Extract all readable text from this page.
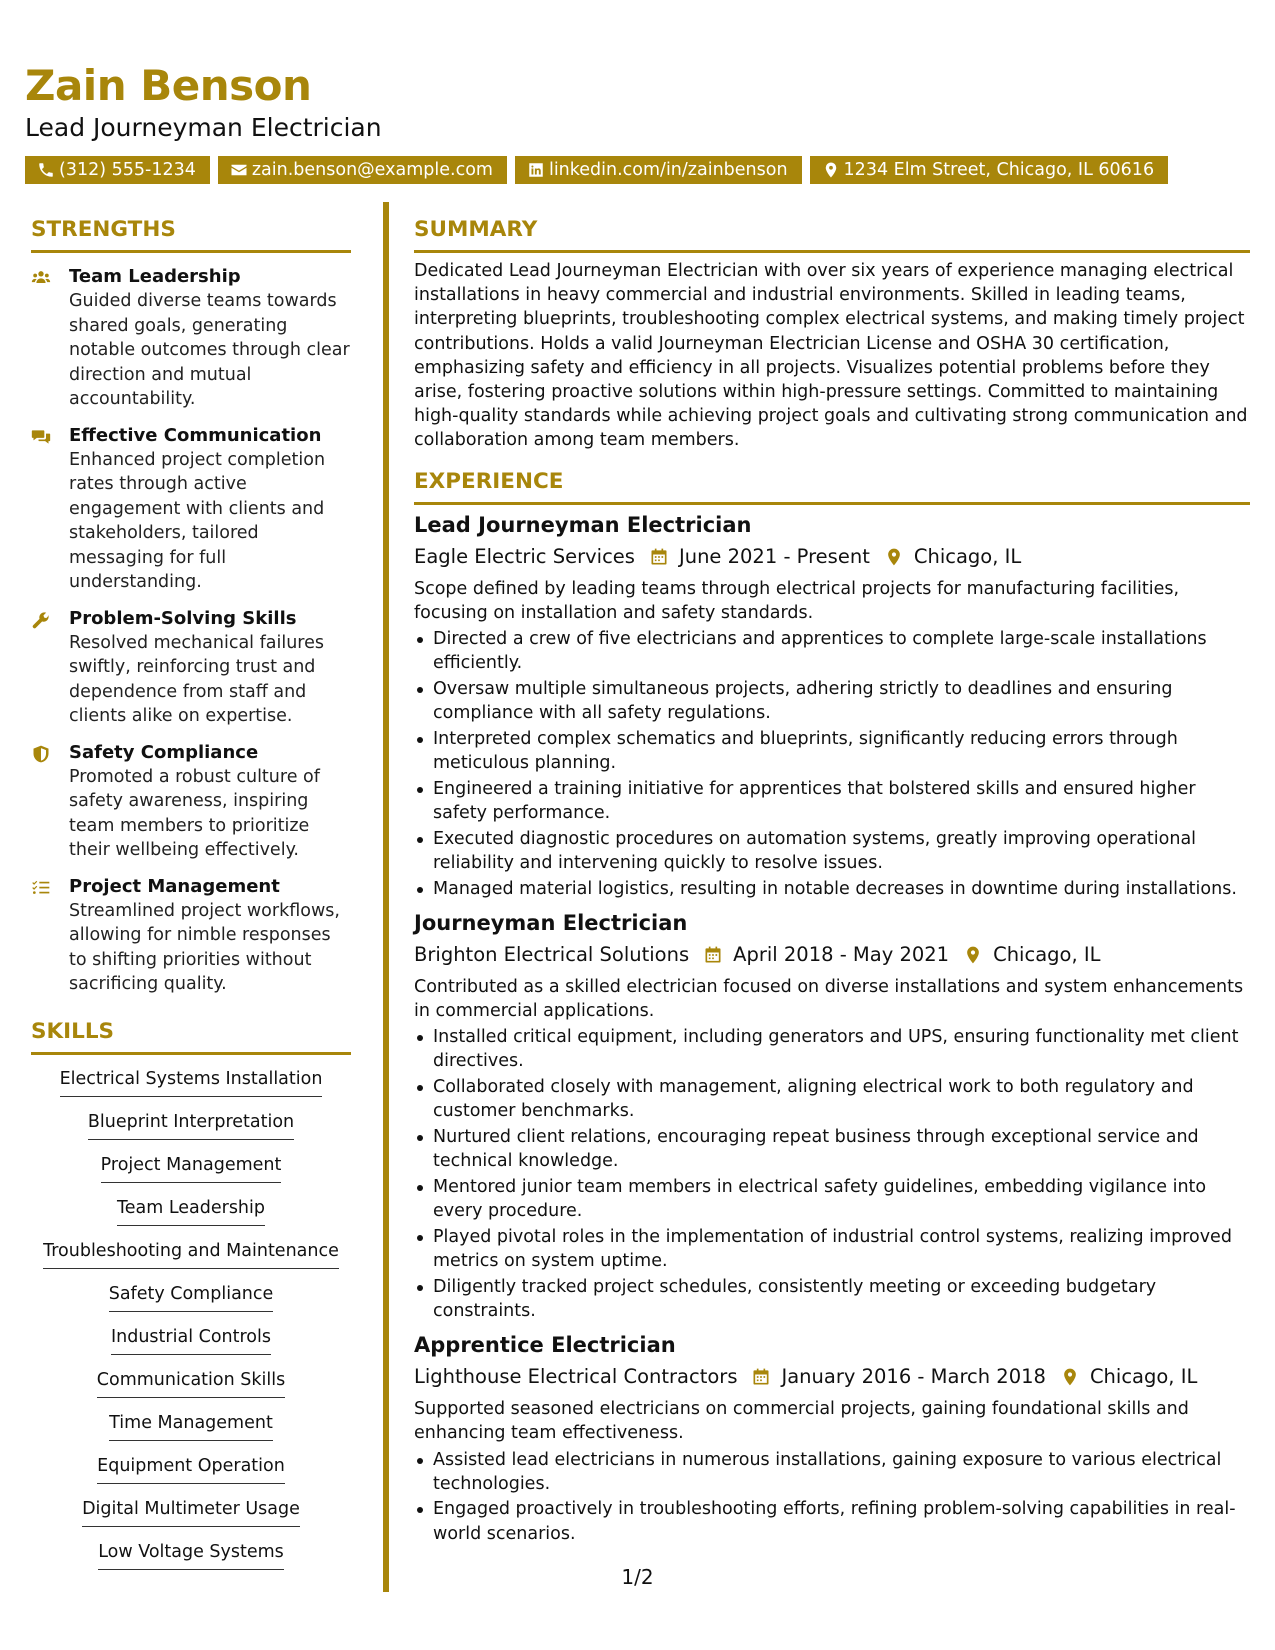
Zain Benson
Lead Journeyman Electrician
(312) 555-1234	zain.benson@example.com	linkedin.com/in/zainbenson	1234 Elm Street, Chicago, IL 60616
STRENGTHS
Team Leadership
Guided diverse teams towards shared goals, generating notable outcomes through clear direction and mutual accountability.
Effective Communication
Enhanced project completion rates through active engagement with clients and stakeholders, tailored messaging for full understanding.
Problem-Solving Skills
Resolved mechanical failures swiftly, reinforcing trust and dependence from staff and clients alike on expertise.
Safety Compliance
Promoted a robust culture of safety awareness, inspiring team members to prioritize their wellbeing effectively.
Project Management
Streamlined project workflows, allowing for nimble responses to shifting priorities without sacrificing quality.
SKILLS
Electrical Systems Installation
Blueprint Interpretation
Project Management
Team Leadership
Troubleshooting and Maintenance
Safety Compliance
Industrial Controls
Communication Skills
Time Management
Equipment Operation
Digital Multimeter Usage
Low Voltage Systems
SUMMARY
Dedicated Lead Journeyman Electrician with over six years of experience managing electrical installations in heavy commercial and industrial environments. Skilled in leading teams, interpreting blueprints, troubleshooting complex electrical systems, and making timely project contributions. Holds a valid Journeyman Electrician License and OSHA 30 certification, emphasizing safety and efficiency in all projects. Visualizes potential problems before they arise, fostering proactive solutions within high-pressure settings. Committed to maintaining high-quality standards while achieving project goals and cultivating strong communication and collaboration among team members.
EXPERIENCE
Lead Journeyman Electrician
Eagle Electric Services June 2021 - Present Chicago, IL
Scope defined by leading teams through electrical projects for manufacturing facilities, focusing on installation and safety standards.
Directed a crew of five electricians and apprentices to complete large-scale installations efficiently.
Oversaw multiple simultaneous projects, adhering strictly to deadlines and ensuring compliance with all safety regulations.
Interpreted complex schematics and blueprints, significantly reducing errors through meticulous planning.
Engineered a training initiative for apprentices that bolstered skills and ensured higher safety performance.
Executed diagnostic procedures on automation systems, greatly improving operational reliability and intervening quickly to resolve issues.
Managed material logistics, resulting in notable decreases in downtime during installations.
Journeyman Electrician
Brighton Electrical Solutions April 2018 - May 2021 Chicago, IL
Contributed as a skilled electrician focused on diverse installations and system enhancements in commercial applications.
Installed critical equipment, including generators and UPS, ensuring functionality met client directives.
Collaborated closely with management, aligning electrical work to both regulatory and customer benchmarks.
Nurtured client relations, encouraging repeat business through exceptional service and technical knowledge.
Mentored junior team members in electrical safety guidelines, embedding vigilance into every procedure.
Played pivotal roles in the implementation of industrial control systems, realizing improved metrics on system uptime.
Diligently tracked project schedules, consistently meeting or exceeding budgetary constraints.
Apprentice Electrician
Lighthouse Electrical Contractors January 2016 - March 2018 Chicago, IL
Supported seasoned electricians on commercial projects, gaining foundational skills and enhancing team effectiveness.
Assisted lead electricians in numerous installations, gaining exposure to various electrical technologies.
Engaged proactively in troubleshooting efforts, refining problem-solving capabilities in real-world scenarios.
1/2
